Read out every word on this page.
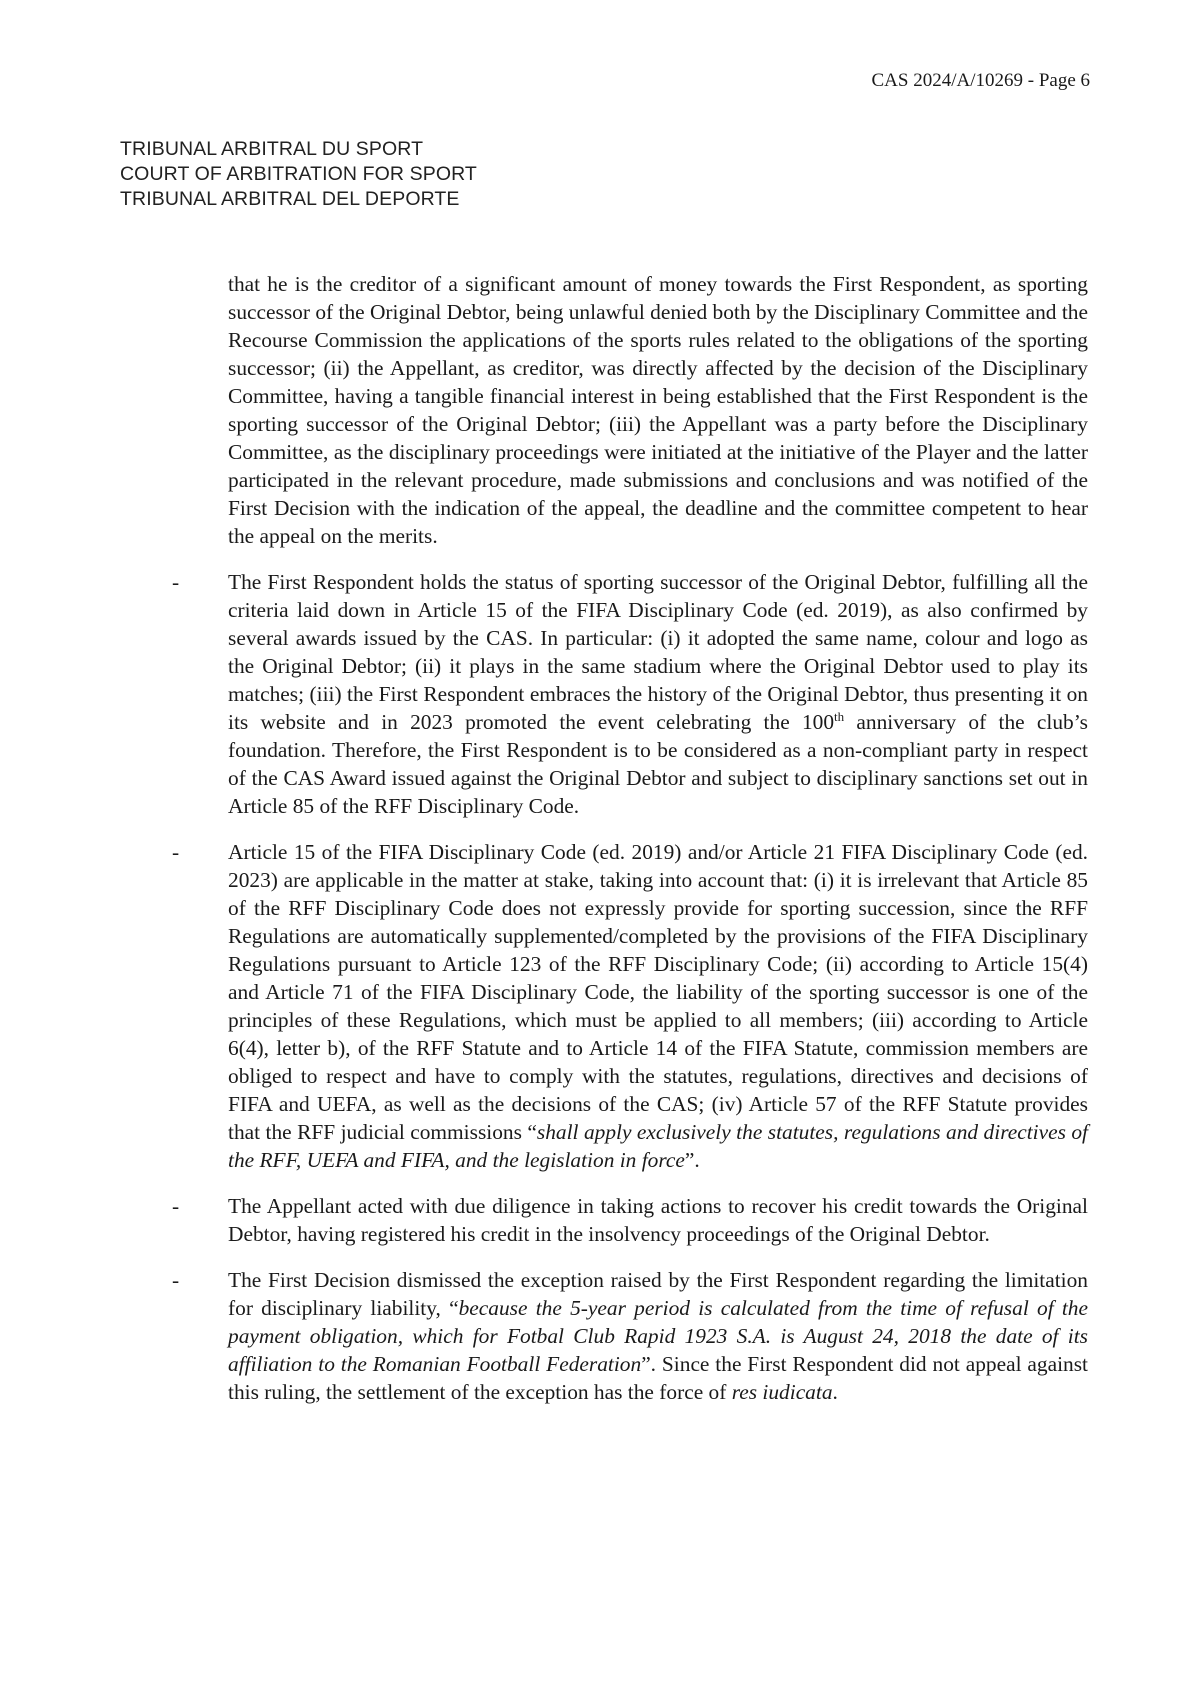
CAS 2024/A/10269 - Page 6
TRIBUNAL ARBITRAL DU SPORT
COURT OF ARBITRATION FOR SPORT
TRIBUNAL ARBITRAL DEL DEPORTE

that he is the creditor of a significant amount of money towards the First Respondent, as sporting successor of the Original Debtor, being unlawful denied both by the Disciplinary Committee and the Recourse Commission the applications of the sports rules related to the obligations of the sporting successor; (ii) the Appellant, as creditor, was directly affected by the decision of the Disciplinary Committee, having a tangible financial interest in being established that the First Respondent is the sporting successor of the Original Debtor; (iii) the Appellant was a party before the Disciplinary Committee, as the disciplinary proceedings were initiated at the initiative of the Player and the latter participated in the relevant procedure, made submissions and conclusions and was notified of the First Decision with the indication of the appeal, the deadline and the committee competent to hear the appeal on the merits.

- The First Respondent holds the status of sporting successor of the Original Debtor, fulfilling all the criteria laid down in Article 15 of the FIFA Disciplinary Code (ed. 2019), as also confirmed by several awards issued by the CAS. In particular: (i) it adopted the same name, colour and logo as the Original Debtor; (ii) it plays in the same stadium where the Original Debtor used to play its matches; (iii) the First Respondent embraces the history of the Original Debtor, thus presenting it on its website and in 2023 promoted the event celebrating the 100th anniversary of the club’s foundation. Therefore, the First Respondent is to be considered as a non-compliant party in respect of the CAS Award issued against the Original Debtor and subject to disciplinary sanctions set out in Article 85 of the RFF Disciplinary Code.

- Article 15 of the FIFA Disciplinary Code (ed. 2019) and/or Article 21 FIFA Disciplinary Code (ed. 2023) are applicable in the matter at stake, taking into account that: (i) it is irrelevant that Article 85 of the RFF Disciplinary Code does not expressly provide for sporting succession, since the RFF Regulations are automatically supplemented/completed by the provisions of the FIFA Disciplinary Regulations pursuant to Article 123 of the RFF Disciplinary Code; (ii) according to Article 15(4) and Article 71 of the FIFA Disciplinary Code, the liability of the sporting successor is one of the principles of these Regulations, which must be applied to all members; (iii) according to Article 6(4), letter b), of the RFF Statute and to Article 14 of the FIFA Statute, commission members are obliged to respect and have to comply with the statutes, regulations, directives and decisions of FIFA and UEFA, as well as the decisions of the CAS; (iv) Article 57 of the RFF Statute provides that the RFF judicial commissions “shall apply exclusively the statutes, regulations and directives of the RFF, UEFA and FIFA, and the legislation in force”.

- The Appellant acted with due diligence in taking actions to recover his credit towards the Original Debtor, having registered his credit in the insolvency proceedings of the Original Debtor.

- The First Decision dismissed the exception raised by the First Respondent regarding the limitation for disciplinary liability, “because the 5-year period is calculated from the time of refusal of the payment obligation, which for Fotbal Club Rapid 1923 S.A. is August 24, 2018 the date of its affiliation to the Romanian Football Federation”. Since the First Respondent did not appeal against this ruling, the settlement of the exception has the force of res iudicata.
